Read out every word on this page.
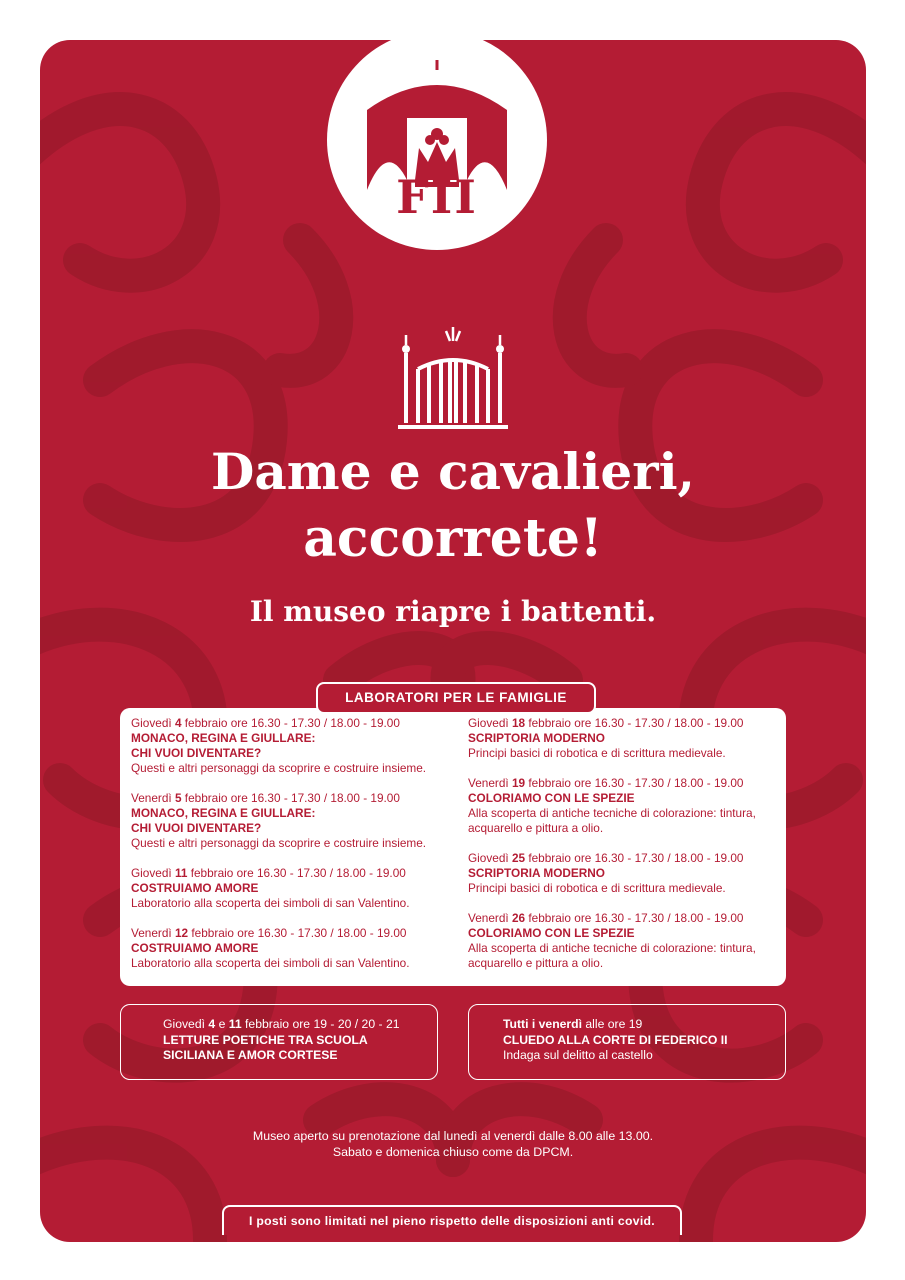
FII
Dame e cavalieri,
accorrete!
Il museo riapre i battenti.
LABORATORI PER LE FAMIGLIE
Giovedì 4 febbraio ore 16.30 - 17.30 / 18.00 - 19.00
MONACO, REGINA E GIULLARE:
CHI VUOI DIVENTARE?
Questi e altri personaggi da scoprire e costruire insieme.
Venerdì 5 febbraio ore 16.30 - 17.30 / 18.00 - 19.00
MONACO, REGINA E GIULLARE:
CHI VUOI DIVENTARE?
Questi e altri personaggi da scoprire e costruire insieme.
Giovedì 11 febbraio ore 16.30 - 17.30 / 18.00 - 19.00
COSTRUIAMO AMORE
Laboratorio alla scoperta dei simboli di san Valentino.
Venerdì 12 febbraio ore 16.30 - 17.30 / 18.00 - 19.00
COSTRUIAMO AMORE
Laboratorio alla scoperta dei simboli di san Valentino.
Giovedì 18 febbraio ore 16.30 - 17.30 / 18.00 - 19.00
SCRIPTORIA MODERNO
Principi basici di robotica e di scrittura medievale.
Venerdì 19 febbraio ore 16.30 - 17.30 / 18.00 - 19.00
COLORIAMO CON LE SPEZIE
Alla scoperta di antiche tecniche di colorazione: tintura,
acquarello e pittura a olio.
Giovedì 25 febbraio ore 16.30 - 17.30 / 18.00 - 19.00
SCRIPTORIA MODERNO
Principi basici di robotica e di scrittura medievale.
Venerdì 26 febbraio ore 16.30 - 17.30 / 18.00 - 19.00
COLORIAMO CON LE SPEZIE
Alla scoperta di antiche tecniche di colorazione: tintura,
acquarello e pittura a olio.
Giovedì 4 e 11 febbraio ore 19 - 20 / 20 - 21
LETTURE POETICHE TRA SCUOLA
SICILIANA E AMOR CORTESE
Tutti i venerdì alle ore 19
CLUEDO ALLA CORTE DI FEDERICO II
Indaga sul delitto al castello
Museo aperto su prenotazione dal lunedì al venerdì dalle 8.00 alle 13.00.
Sabato e domenica chiuso come da DPCM.
I posti sono limitati nel pieno rispetto delle disposizioni anti covid.
